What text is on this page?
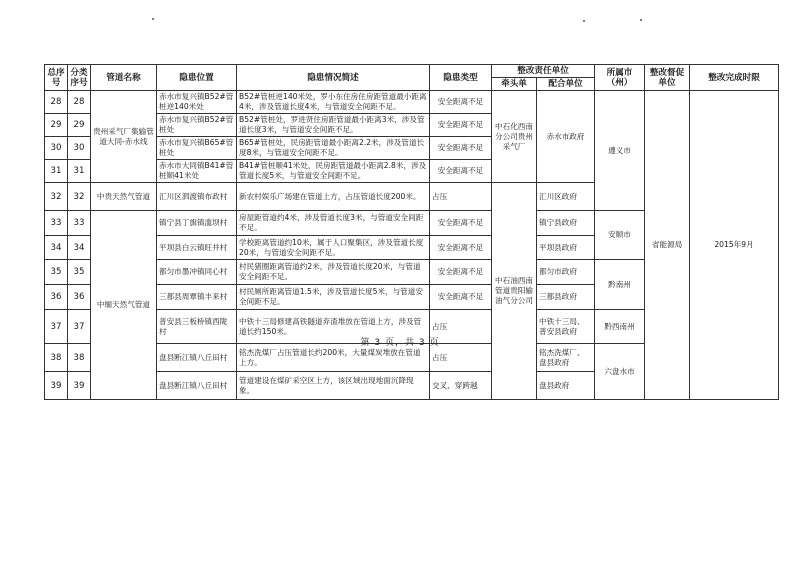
总序号	分类序号	管道名称	隐患位置	隐患情况简述	隐患类型	整改责任单位		所属市（州）	整改督促单位	整改完成时限
						牵头单	配合单位			
28	28	贵州采气厂集输管道大同-赤水线	赤水市复兴镇B52#管桩逆140米处	B52#管桩逆140米处，罗小东住房住房距管道最小距离4米，涉及管道长度4米，与管道安全间距不足。	安全距离不足	中石化西南分公司贵州采气厂	赤水市政府	遵义市	省能源局	2015年9月
29	29		赤水市复兴镇B52#管桩处	B52#管桩处，罗进贤住房距管道最小距离3米，涉及管道长度3米，与管道安全间距不足。	安全距离不足					
30	30		赤水市复兴镇B65#管桩处	B65#管桩处，民房距管道最小距离2.2米，涉及管道长度8米，与管道安全间距不足。	安全距离不足					
31	31		赤水市大同镇B41#管桩顺41米处	B41#管桩顺41米处，民房距管道最小距离2.8米，涉及管道长度5米，与管道安全间距不足。	安全距离不足					
32	32	中贵天然气管道	汇川区泗渡镇布政村	新农村娱乐广场建在管道上方，占压管道长度200米。	占压	中石油西南管道贵阳输油气分公司	汇川区政府			
33	33	中缅天然气管道	镇宁县丁旗镇滥坝村	房屋距管道约4米，涉及管道长度3米，与管道安全间距不足。	安全距离不足		镇宁县政府	安顺市		
34	34		平坝县白云镇旺井村	学校距离管道约10米，属于人口聚集区，涉及管道长度20米，与管道安全间距不足。	安全距离不足		平坝县政府			
35	35		都匀市墨冲镇同心村	村民猪圈距离管道约2米，涉及管道长度20米，与管道安全间距不足。	安全距离不足		都匀市政府	黔南州		
36	36		三都县周覃镇丰来村	村民厕所距离管道1.5米，涉及管道长度5米，与管道安全间距不足。	安全距离不足		三都县政府			
37	37		普安县三板桥镇西陇村	中铁十三局修建高铁隧道弃渣堆放在管道上方，涉及管道长约150米。	占压		中铁十三局、普安县政府	黔西南州		
38	38		盘县断江镇八丘田村	铭杰洗煤厂占压管道长约200米，大量煤炭堆放在管道上方。	占压		铭杰洗煤厂、盘县政府	六盘水市		
39	39		盘县断江镇八丘田村	管道建设在煤矿采空区上方，该区域出现地面沉降现象。	交叉、穿跨越		盘县政府			
第 3 页，共 3 页
